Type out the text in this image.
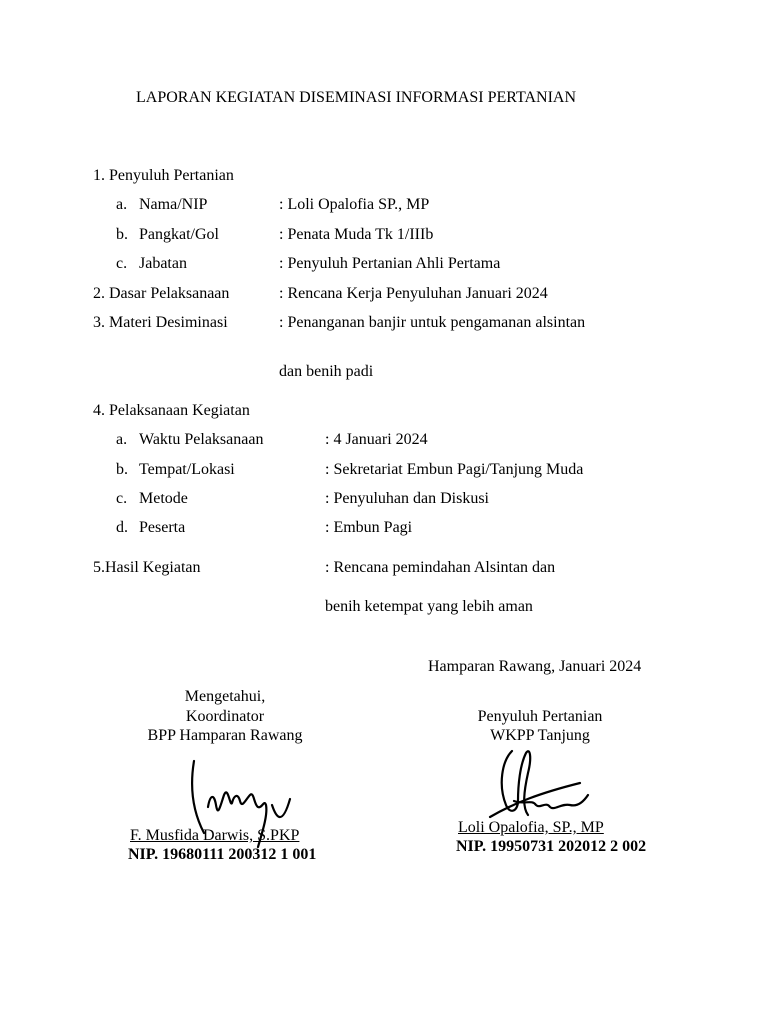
LAPORAN KEGIATAN DISEMINASI INFORMASI PERTANIAN
1. Penyuluh Pertanian
a. Nama/NIP	: Loli Opalofia SP., MP
b. Pangkat/Gol	: Penata Muda Tk 1/IIIb
c. Jabatan	: Penyuluh Pertanian Ahli Pertama
2. Dasar Pelaksanaan	: Rencana Kerja Penyuluhan Januari 2024
3. Materi Desiminasi	: Penanganan banjir untuk pengamanan alsintan
dan benih padi
4. Pelaksanaan Kegiatan
a. Waktu Pelaksanaan	: 4 Januari 2024
b. Tempat/Lokasi	: Sekretariat Embun Pagi/Tanjung Muda
c. Metode	: Penyuluhan dan Diskusi
d. Peserta	: Embun Pagi
5.Hasil Kegiatan	: Rencana pemindahan Alsintan dan
benih ketempat yang lebih aman
Hamparan Rawang, Januari 2024
Mengetahui,
Koordinator
BPP Hamparan Rawang
F. Musfida Darwis, S.PKP
NIP. 19680111 200312 1 001
Penyuluh Pertanian
WKPP Tanjung
Loli Opalofia, SP., MP
NIP. 19950731 202012 2 002
